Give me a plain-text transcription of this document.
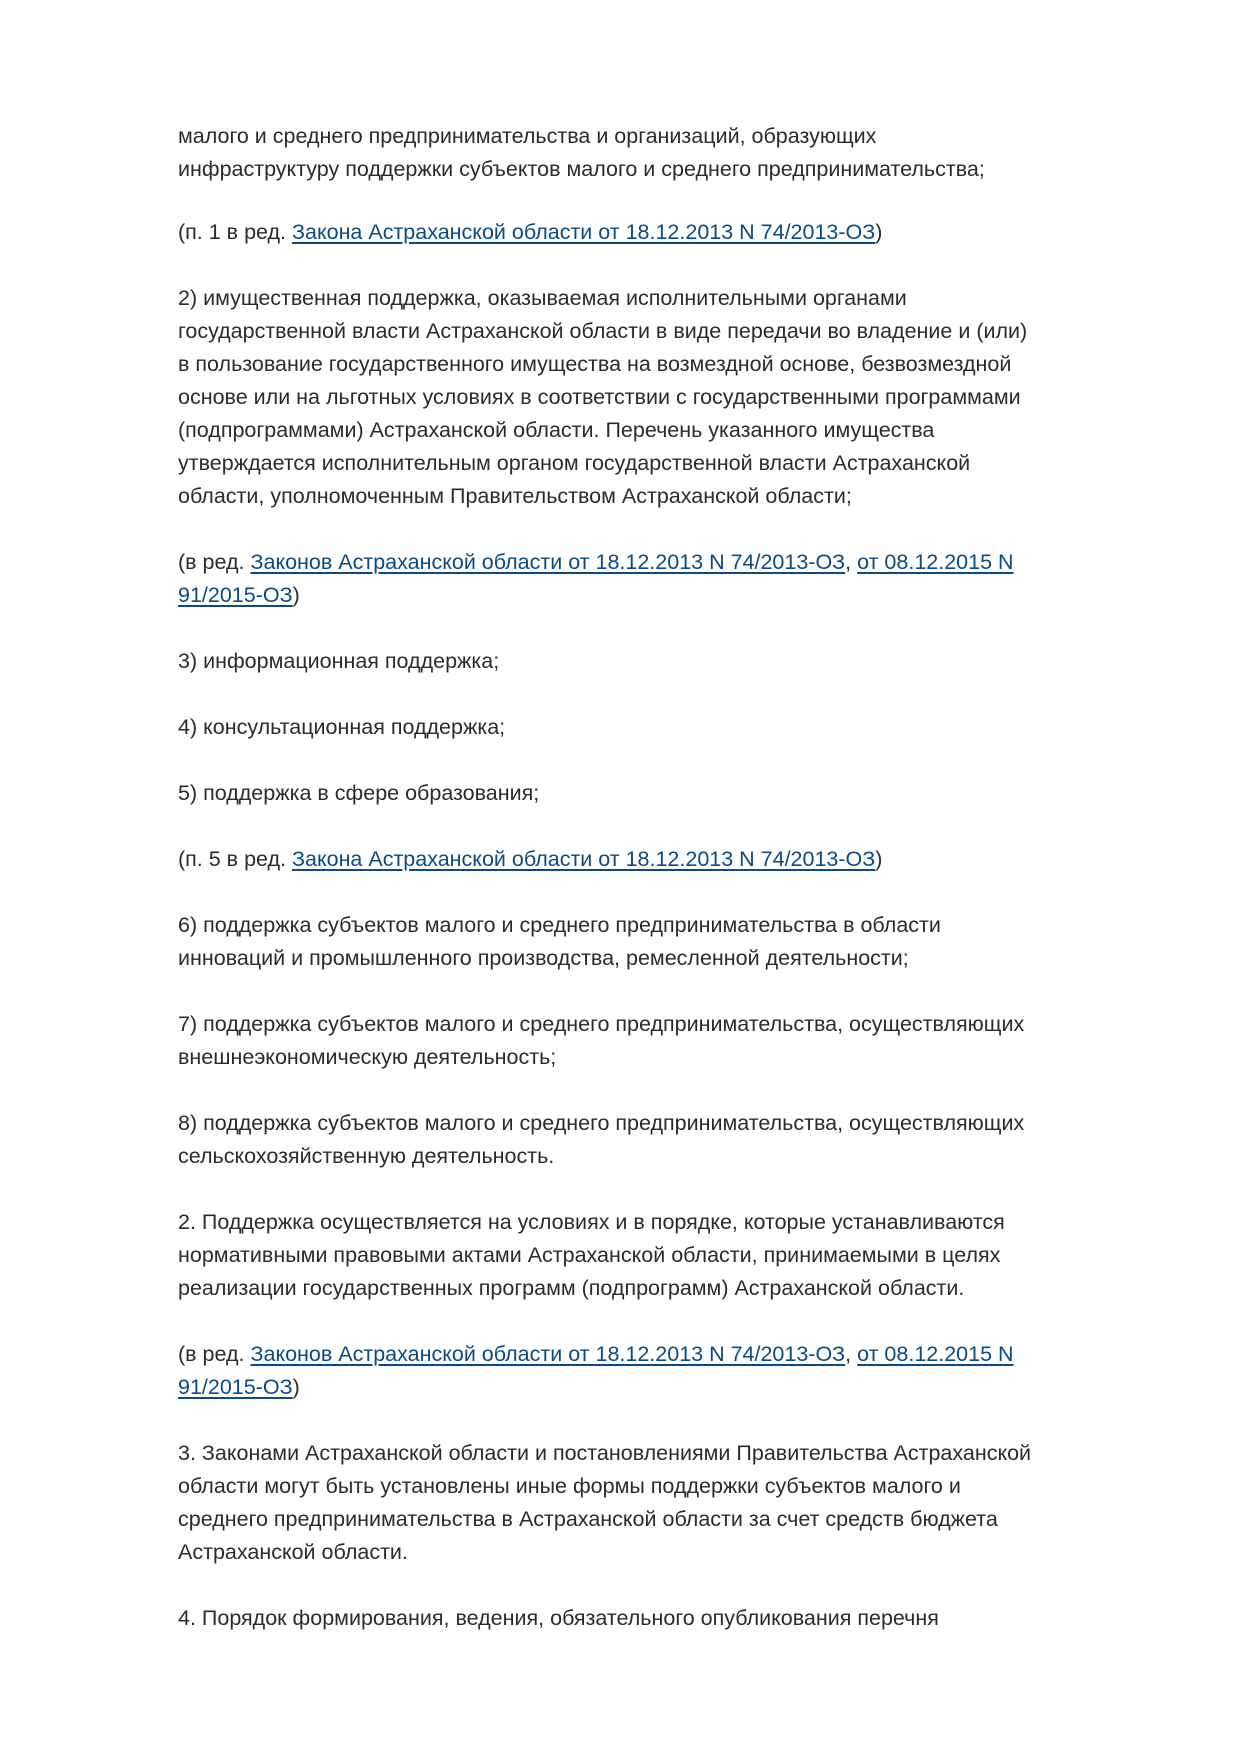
малого и среднего предпринимательства и организаций, образующих инфраструктуру поддержки субъектов малого и среднего предпринимательства;

(п. 1 в ред. Закона Астраханской области от 18.12.2013 N 74/2013-ОЗ)

2) имущественная поддержка, оказываемая исполнительными органами государственной власти Астраханской области в виде передачи во владение и (или) в пользование государственного имущества на возмездной основе, безвозмездной основе или на льготных условиях в соответствии с государственными программами (подпрограммами) Астраханской области. Перечень указанного имущества утверждается исполнительным органом государственной власти Астраханской области, уполномоченным Правительством Астраханской области;

(в ред. Законов Астраханской области от 18.12.2013 N 74/2013-ОЗ, от 08.12.2015 N 91/2015-ОЗ)

3) информационная поддержка;

4) консультационная поддержка;

5) поддержка в сфере образования;

(п. 5 в ред. Закона Астраханской области от 18.12.2013 N 74/2013-ОЗ)

6) поддержка субъектов малого и среднего предпринимательства в области инноваций и промышленного производства, ремесленной деятельности;

7) поддержка субъектов малого и среднего предпринимательства, осуществляющих внешнеэкономическую деятельность;

8) поддержка субъектов малого и среднего предпринимательства, осуществляющих сельскохозяйственную деятельность.

2. Поддержка осуществляется на условиях и в порядке, которые устанавливаются нормативными правовыми актами Астраханской области, принимаемыми в целях реализации государственных программ (подпрограмм) Астраханской области.

(в ред. Законов Астраханской области от 18.12.2013 N 74/2013-ОЗ, от 08.12.2015 N 91/2015-ОЗ)

3. Законами Астраханской области и постановлениями Правительства Астраханской области могут быть установлены иные формы поддержки субъектов малого и среднего предпринимательства в Астраханской области за счет средств бюджета Астраханской области.

4. Порядок формирования, ведения, обязательного опубликования перечня
